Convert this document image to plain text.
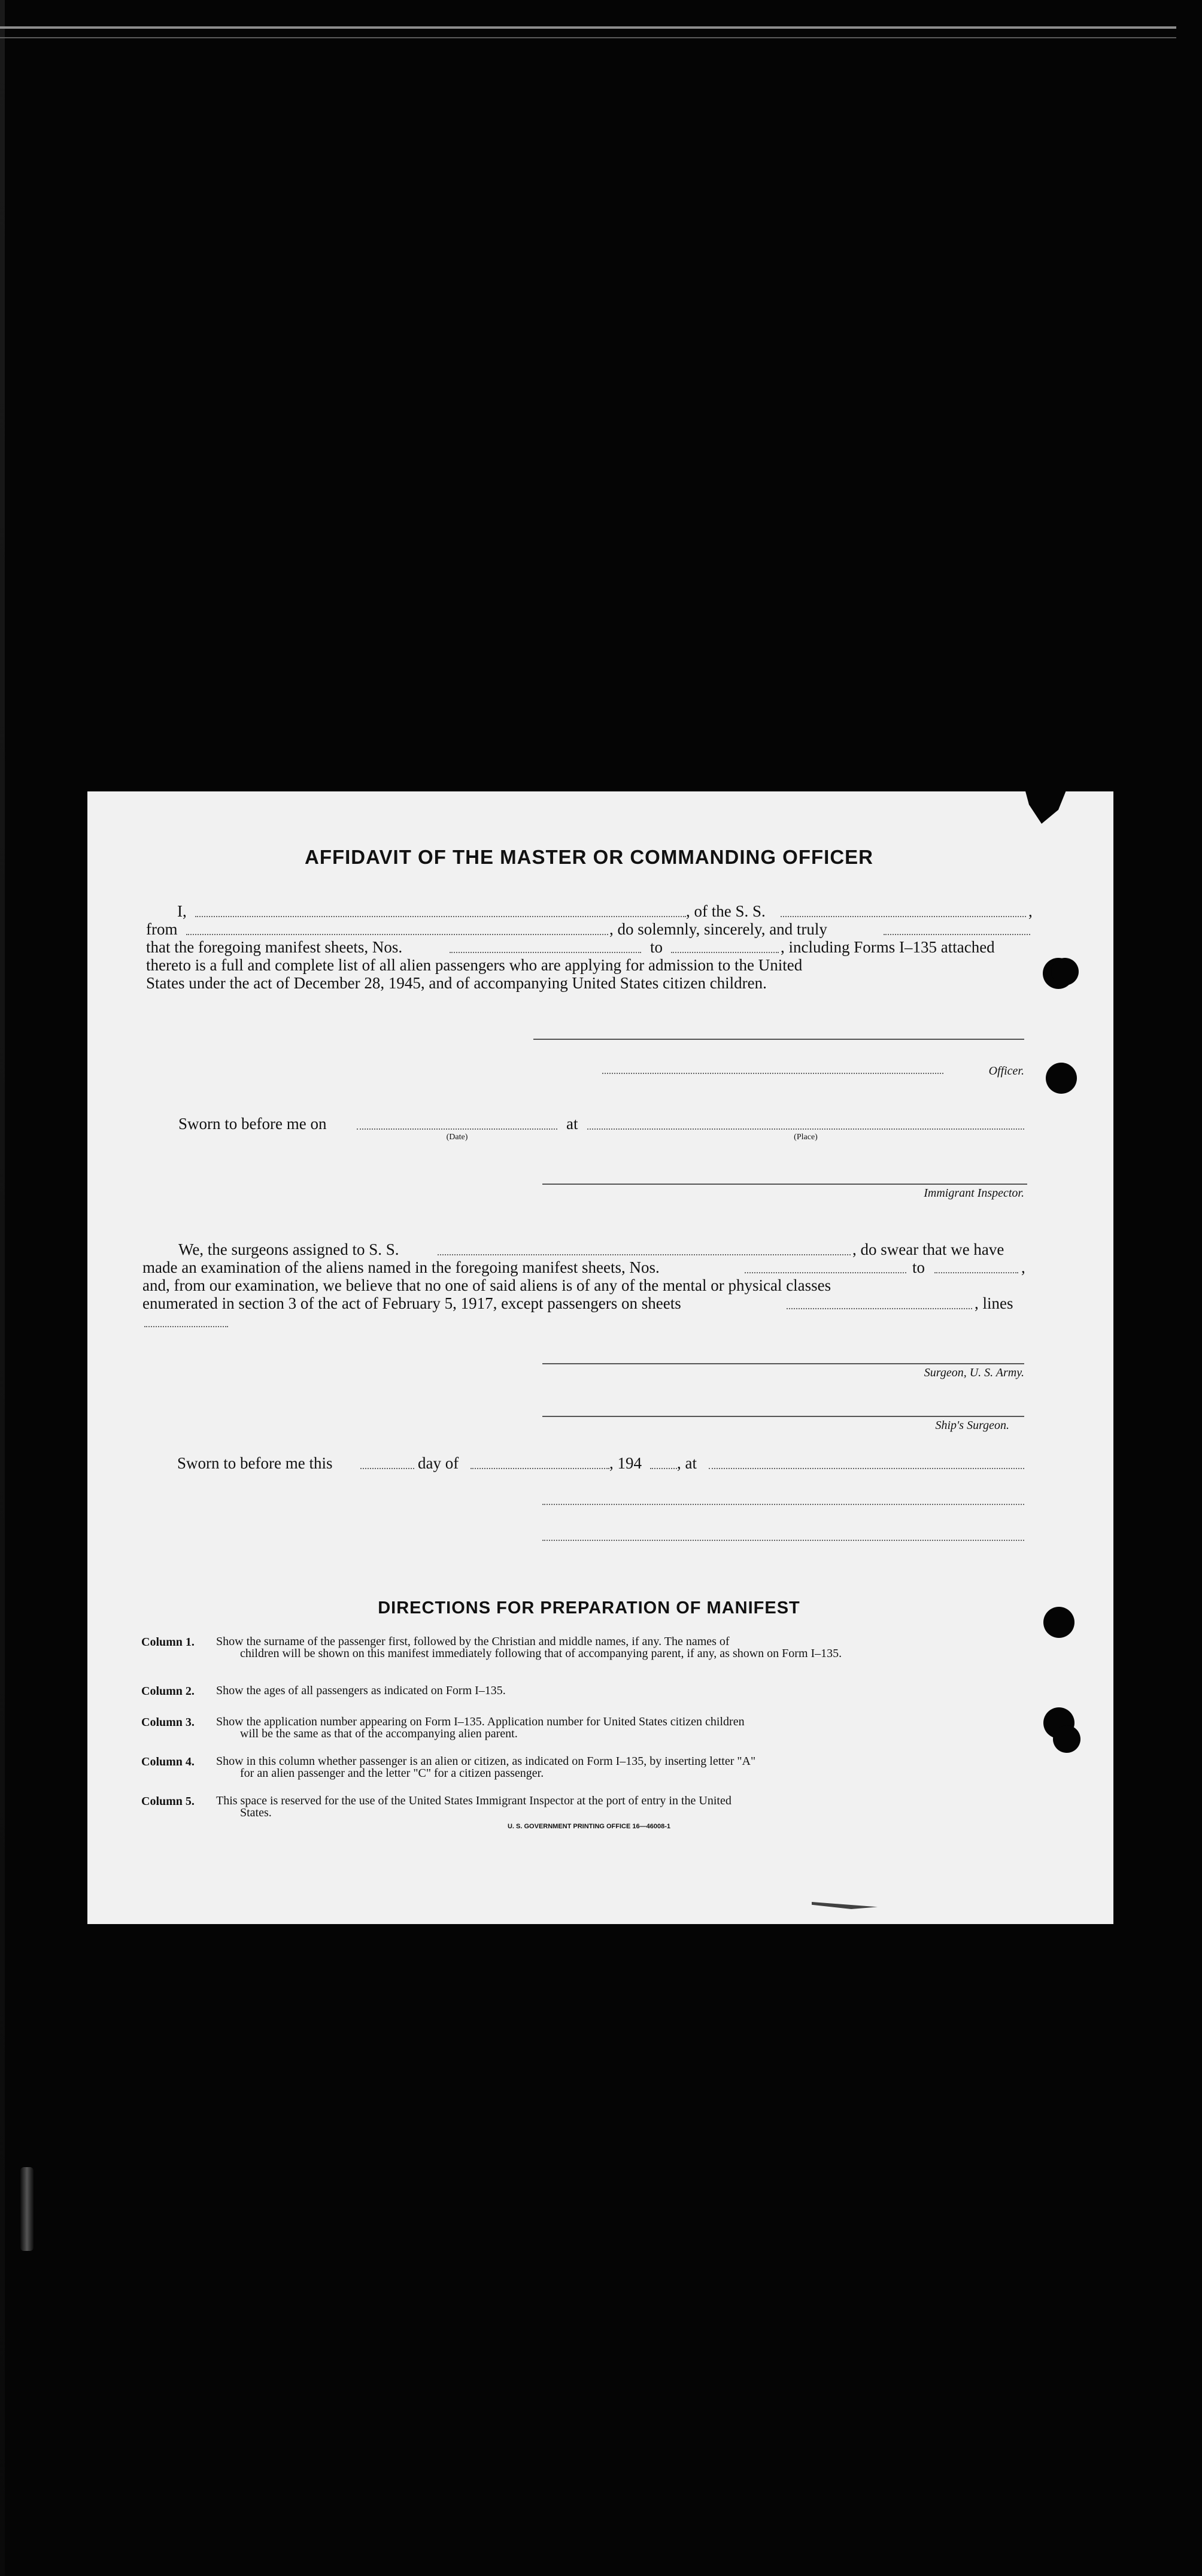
AFFIDAVIT OF THE MASTER OR COMMANDING OFFICER
I,	, of the S. S.	,
from	, do solemnly, sincerely, and truly
that the foregoing manifest sheets, Nos.	to	, including Forms I–135 attached
thereto is a full and complete list of all alien passengers who are applying for admission to the United
States under the act of December 28, 1945, and of accompanying United States citizen children.
Officer.
Sworn to before me on
(Date)
at
(Place)
Immigrant Inspector.
We, the surgeons assigned to S. S.	, do swear that we have
made an examination of the aliens named in the foregoing manifest sheets, Nos.	to	,
and, from our examination, we believe that no one of said aliens is of any of the mental or physical classes
enumerated in section 3 of the act of February 5, 1917, except passengers on sheets	, lines
Surgeon, U. S. Army.
Ship's Surgeon.
Sworn to before me this	day of	, 194 , at
DIRECTIONS FOR PREPARATION OF MANIFEST
Column 1. Show the surname of the passenger first, followed by the Christian and middle names, if any. The names of
children will be shown on this manifest immediately following that of accompanying parent, if any, as shown on Form I–135.
Column 2. Show the ages of all passengers as indicated on Form I–135.
Column 3. Show the application number appearing on Form I–135. Application number for United States citizen children
will be the same as that of the accompanying alien parent.
Column 4. Show in this column whether passenger is an alien or citizen, as indicated on Form I–135, by inserting letter "A"
for an alien passenger and the letter "C" for a citizen passenger.
Column 5. This space is reserved for the use of the United States Immigrant Inspector at the port of entry in the United
States.
U. S. GOVERNMENT PRINTING OFFICE 16—46008-1
